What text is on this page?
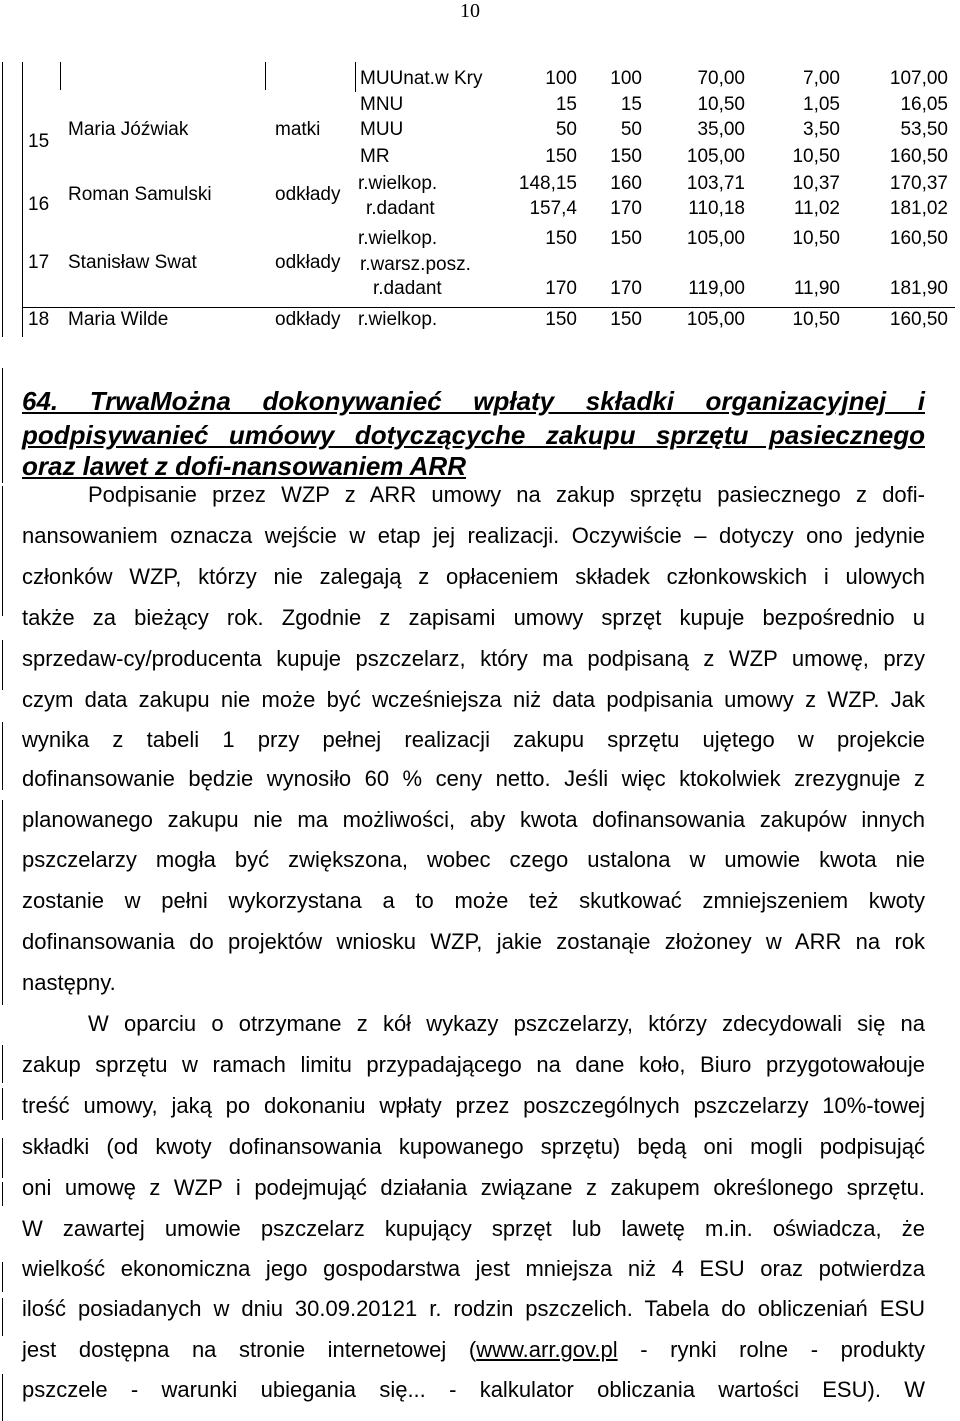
10
15
Maria Jóźwiak	matki
MUUnat.w Kry	100 100	70,00	7,00	107,00
MNU	15 15	10,50	1,05	16,05
MUU	50 50	35,00	3,50	53,50
MR	150 150 105,00 10,50	160,50
16 Roman Samulski	odkłady
r.wielkop.	148,15 160 103,71 10,37	170,37
r.dadant	157,4 170 110,18	11,02	181,02
17 Stanisław Swat	odkłady
r.wielkop.	150 150 105,00 10,50	160,50
r.warsz.posz.
r.dadant	170 170 119,00	11,90	181,90
18 Maria Wilde	odkłady r.wielkop.	150 150 105,00 10,50	160,50
64. TrwaMożna dokonywanieć wpłaty składki organizacyjnej i
podpisywanieć umóowy dotyczącyche zakupu sprzętu pasiecznego
oraz lawet z dofi-nansowaniem ARR
Podpisanie przez WZP z ARR umowy na zakup sprzętu pasiecznego z dofi-
nansowaniem oznacza wejście w etap jej realizacji. Oczywiście – dotyczy ono jedynie
członków WZP, którzy nie zalegają z opłaceniem składek członkowskich i ulowych
także za bieżący rok. Zgodnie z zapisami umowy sprzęt kupuje bezpośrednio u
sprzedaw-cy/producenta kupuje pszczelarz, który ma podpisaną z WZP umowę, przy
czym data zakupu nie może być wcześniejsza niż data podpisania umowy z WZP. Jak
wynika z tabeli 1 przy pełnej realizacji zakupu sprzętu ujętego w projekcie
dofinansowanie będzie wynosiło 60 % ceny netto. Jeśli więc ktokolwiek zrezygnuje z
planowanego zakupu nie ma możliwości, aby kwota dofinansowania zakupów innych
pszczelarzy mogła być zwiększona, wobec czego ustalona w umowie kwota nie
zostanie w pełni wykorzystana a to może też skutkować zmniejszeniem kwoty
dofinansowania do projektów wniosku WZP, jakie zostanąie złożoney w ARR na rok
następny.
W oparciu o otrzymane z kół wykazy pszczelarzy, którzy zdecydowali się na
zakup sprzętu w ramach limitu przypadającego na dane koło, Biuro przygotowałouje
treść umowy, jaką po dokonaniu wpłaty przez poszczególnych pszczelarzy 10%-towej
składki (od kwoty dofinansowania kupowanego sprzętu) będą oni mogli podpisująć
oni umowę z WZP i podejmująć działania związane z zakupem określonego sprzętu.
W zawartej umowie pszczelarz kupujący sprzęt lub lawetę m.in. oświadcza, że
wielkość ekonomiczna jego gospodarstwa jest mniejsza niż 4 ESU oraz potwierdza
ilość posiadanych w dniu 30.09.20121 r. rodzin pszczelich. Tabela do obliczeniań ESU
jest dostępna na stronie internetowej (www.arr.gov.pl - rynki rolne - produkty
pszczele - warunki ubiegania się... - kalkulator obliczania wartości ESU). W
